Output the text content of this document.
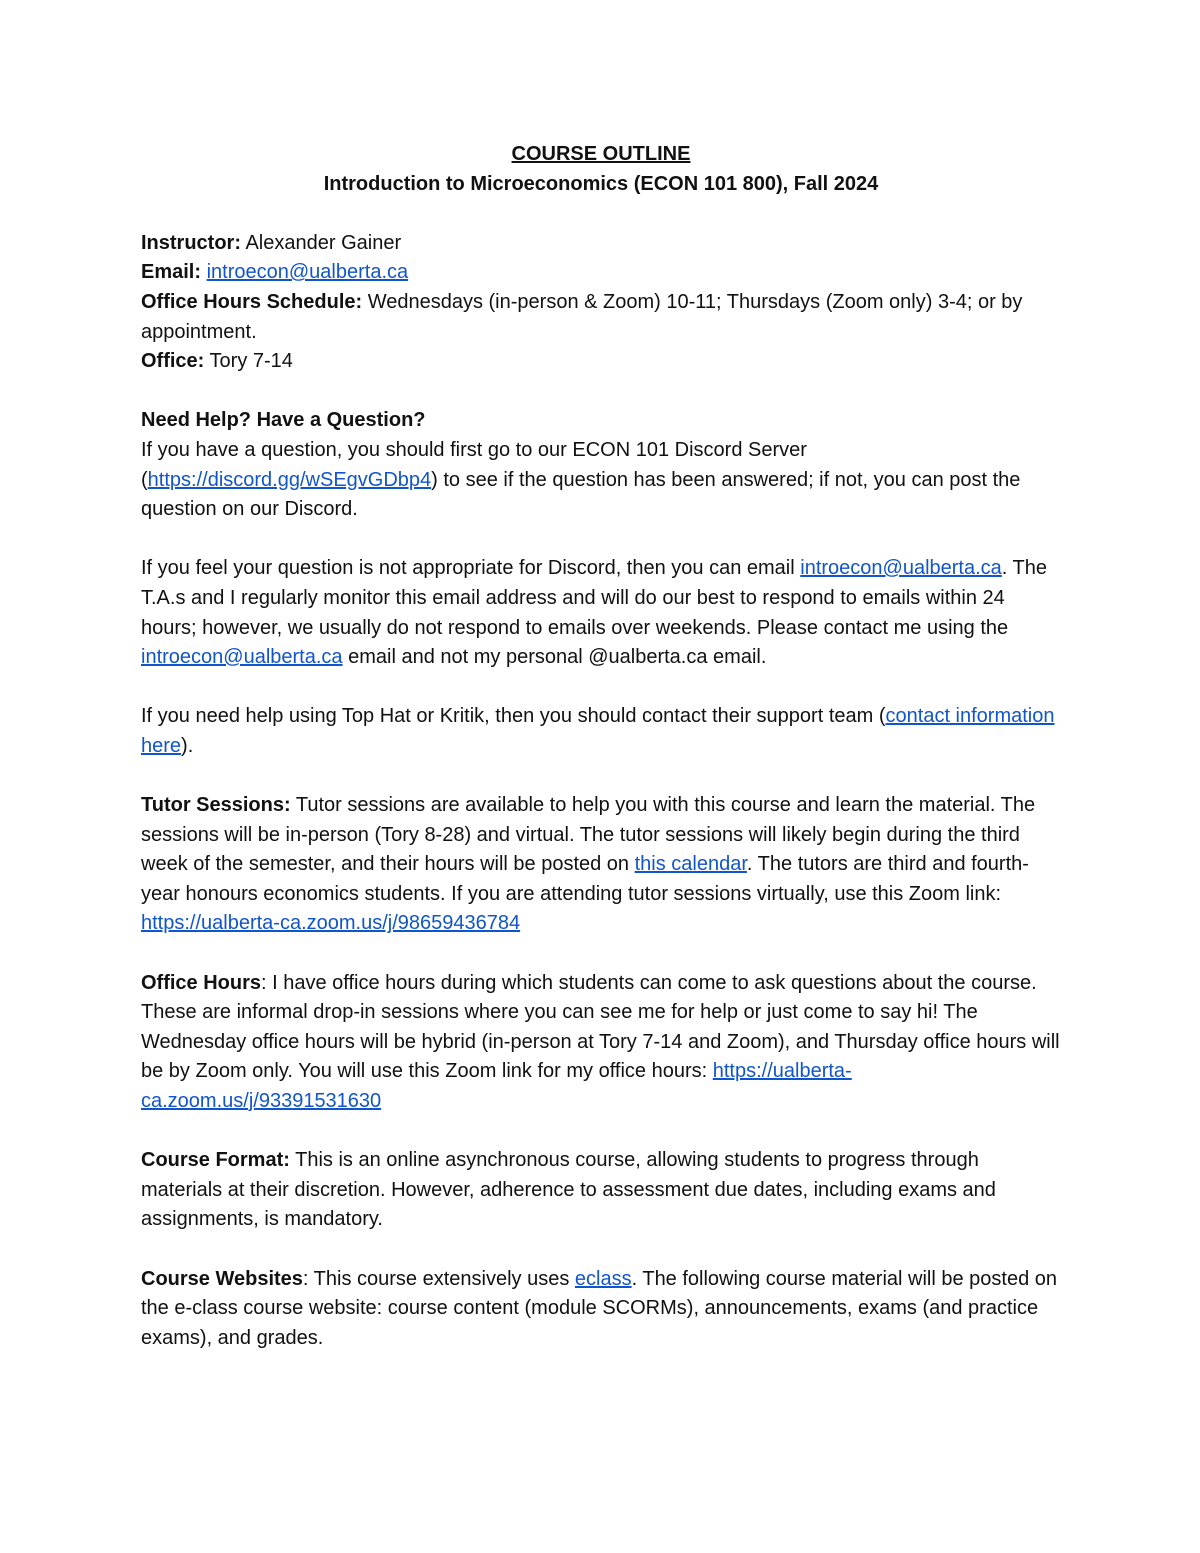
COURSE OUTLINE

Introduction to Microeconomics (ECON 101 800), Fall 2024

Instructor: Alexander Gainer

Email: introecon@ualberta.ca

Office Hours Schedule: Wednesdays (in-person & Zoom) 10-11; Thursdays (Zoom only) 3-4; or by appointment.

Office: Tory 7-14

Need Help? Have a Question?

If you have a question, you should first go to our ECON 101 Discord Server (https://discord.gg/wSEgvGDbp4) to see if the question has been answered; if not, you can post the question on our Discord.

If you feel your question is not appropriate for Discord, then you can email introecon@ualberta.ca. The T.A.s and I regularly monitor this email address and will do our best to respond to emails within 24 hours; however, we usually do not respond to emails over weekends. Please contact me using the introecon@ualberta.ca email and not my personal @ualberta.ca email.

If you need help using Top Hat or Kritik, then you should contact their support team (contact information here).

Tutor Sessions: Tutor sessions are available to help you with this course and learn the material. The sessions will be in-person (Tory 8-28) and virtual. The tutor sessions will likely begin during the third week of the semester, and their hours will be posted on this calendar. The tutors are third and fourth-year honours economics students. If you are attending tutor sessions virtually, use this Zoom link: https://ualberta-ca.zoom.us/j/98659436784

Office Hours: I have office hours during which students can come to ask questions about the course. These are informal drop-in sessions where you can see me for help or just come to say hi! The Wednesday office hours will be hybrid (in-person at Tory 7-14 and Zoom), and Thursday office hours will be by Zoom only. You will use this Zoom link for my office hours: https://ualberta-ca.zoom.us/j/93391531630

Course Format: This is an online asynchronous course, allowing students to progress through materials at their discretion. However, adherence to assessment due dates, including exams and assignments, is mandatory.

Course Websites: This course extensively uses eclass. The following course material will be posted on the e-class course website: course content (module SCORMs), announcements, exams (and practice exams), and grades.
